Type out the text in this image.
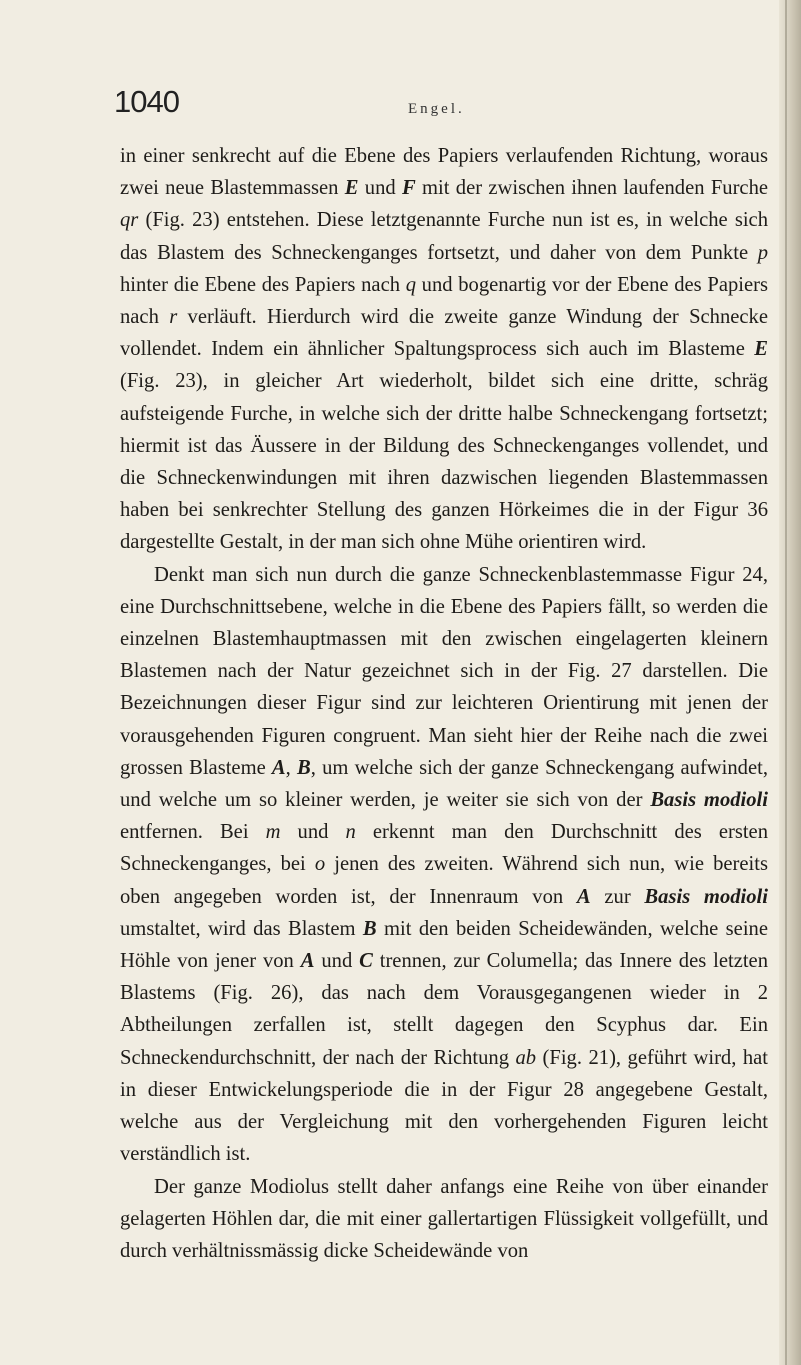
1040	Engel.

in einer senkrecht auf die Ebene des Papiers verlaufenden Richtung, woraus zwei neue Blastemmassen E und F mit der zwischen ihnen laufenden Furche qr (Fig. 23) entstehen. Diese letztgenannte Furche nun ist es, in welche sich das Blastem des Schneckenganges fortsetzt, und daher von dem Punkte p hinter die Ebene des Papiers nach q und bogenartig vor der Ebene des Papiers nach r verläuft. Hierdurch wird die zweite ganze Windung der Schnecke vollendet. Indem ein ähnlicher Spaltungsprocess sich auch im Blasteme E (Fig. 23), in gleicher Art wiederholt, bildet sich eine dritte, schräg aufsteigende Furche, in welche sich der dritte halbe Schneckengang fortsetzt; hiermit ist das Äussere in der Bildung des Schneckenganges vollendet, und die Schneckenwindungen mit ihren dazwischen liegenden Blastemmassen haben bei senkrechter Stellung des ganzen Hörkeimes die in der Figur 36 dargestellte Gestalt, in der man sich ohne Mühe orientiren wird.

Denkt man sich nun durch die ganze Schneckenblastemmasse Figur 24, eine Durchschnittsebene, welche in die Ebene des Papiers fällt, so werden die einzelnen Blastemhauptmassen mit den zwischen eingelagerten kleinern Blastemen nach der Natur gezeichnet sich in der Fig. 27 darstellen. Die Bezeichnungen dieser Figur sind zur leichteren Orientirung mit jenen der vorausgehenden Figuren congruent. Man sieht hier der Reihe nach die zwei grossen Blasteme A, B, um welche sich der ganze Schneckengang aufwindet, und welche um so kleiner werden, je weiter sie sich von der Basis modioli entfernen. Bei m und n erkennt man den Durchschnitt des ersten Schneckenganges, bei o jenen des zweiten. Während sich nun, wie bereits oben angegeben worden ist, der Innenraum von A zur Basis modioli umstaltet, wird das Blastem B mit den beiden Scheidewänden, welche seine Höhle von jener von A und C trennen, zur Columella; das Innere des letzten Blastems (Fig. 26), das nach dem Vorausgegangenen wieder in 2 Abtheilungen zerfallen ist, stellt dagegen den Scyphus dar. Ein Schneckendurchschnitt, der nach der Richtung ab (Fig. 21), geführt wird, hat in dieser Entwickelungsperiode die in der Figur 28 angegebene Gestalt, welche aus der Vergleichung mit den vorhergehenden Figuren leicht verständlich ist.

Der ganze Modiolus stellt daher anfangs eine Reihe von über einander gelagerten Höhlen dar, die mit einer gallertartigen Flüssigkeit vollgefüllt, und durch verhältnissmässig dicke Scheidewände von
